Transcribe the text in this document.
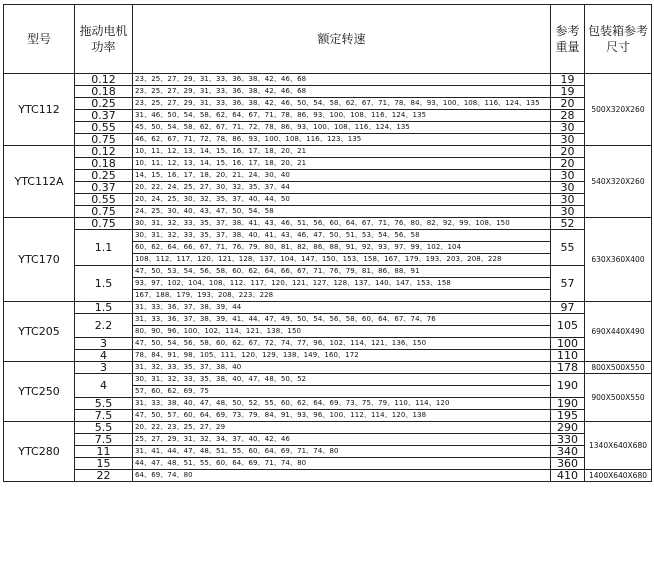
型号	拖动电机功率	额定转速	参考重量	包装箱参考尺寸
YTC112	0.12	23、25、27、29、31、33、36、38、42、46、68	19	500X320X260
	0.18	23、25、27、29、31、33、36、38、42、46、68	19	
	0.25	23、25、27、29、31、33、36、38、42、46、50、54、58、62、67、71、78、84、93、100、108、116、124、135	20	
	0.37	31、46、50、54、58、62、64、67、71、78、86、93、100、108、116、124、135	28	
	0.55	45、50、54、58、62、67、71、72、78、86、93、100、108、116、124、135	30	
	0.75	46、62、67、71、72、78、86、93、100、108、116、123、135	30	
YTC112A	0.12	10、11、12、13、14、15、16、17、18、20、21	20	540X320X260
	0.18	10、11、12、13、14、15、16、17、18、20、21	20	
	0.25	14、15、16、17、18、20、21、24、30、40	30	
	0.37	20、22、24、25、27、30、32、35、37、44	30	
	0.55	20、24、25、30、32、35、37、40、44、50	30	
	0.75	24、25、30、40、43、47、50、54、58	30	
YTC170	0.75	30、31、32、33、35、37、38、41、43、46、51、56、60、64、67、71、76、80、82、92、99、108、150	52	630X360X400
	1.1	30、31、32、33、35、37、38、40、41、43、46、47、50、51、53、54、56、58	55	
		60、62、64、66、67、71、76、79、80、81、82、86、88、91、92、93、97、99、102、104		
		108、112、117、120、121、128、137、104、147、150、153、158、167、179、193、203、208、228		
	1.5	47、50、53、54、56、58、60、62、64、66、67、71、76、79、81、86、88、91	57	
		93、97、102、104、108、112、117、120、121、127、128、137、140、147、153、158		
		167、188、179、193、208、223、228		
YTC205	1.5	31、33、36、37、38、39、44	97	690X440X490
	2.2	31、33、36、37、38、39、41、44、47、49、50、54、56、58、60、64、67、74、76	105	
		80、90、96、100、102、114、121、138、150		
	3	47、50、54、56、58、60、62、67、72、74、77、96、102、114、121、136、150	100	
	4	78、84、91、98、105、111、120、129、138、149、160、172	110	
YTC250	3	31、32、33、35、37、38、40	178	800X500X550
	4	30、31、32、33、35、38、40、47、48、50、52	190	900X500X550
		57、60、62、69、75		
	5.5	31、33、38、40、47、48、50、52、55、60、62、64、69、73、75、79、110、114、120	190	
	7.5	47、50、57、60、64、69、73、79、84、91、93、96、100、112、114、120、138	195	
YTC280	5.5	20、22、23、25、27、29	290	1340X640X680
	7.5	25、27、29、31、32、34、37、40、42、46	330	
	11	31、41、44、47、48、51、55、60、64、69、71、74、80	340	
	15	44、47、48、51、55、60、64、69、71、74、80	360	
	22	64、69、74、80	410	1400X640X680
